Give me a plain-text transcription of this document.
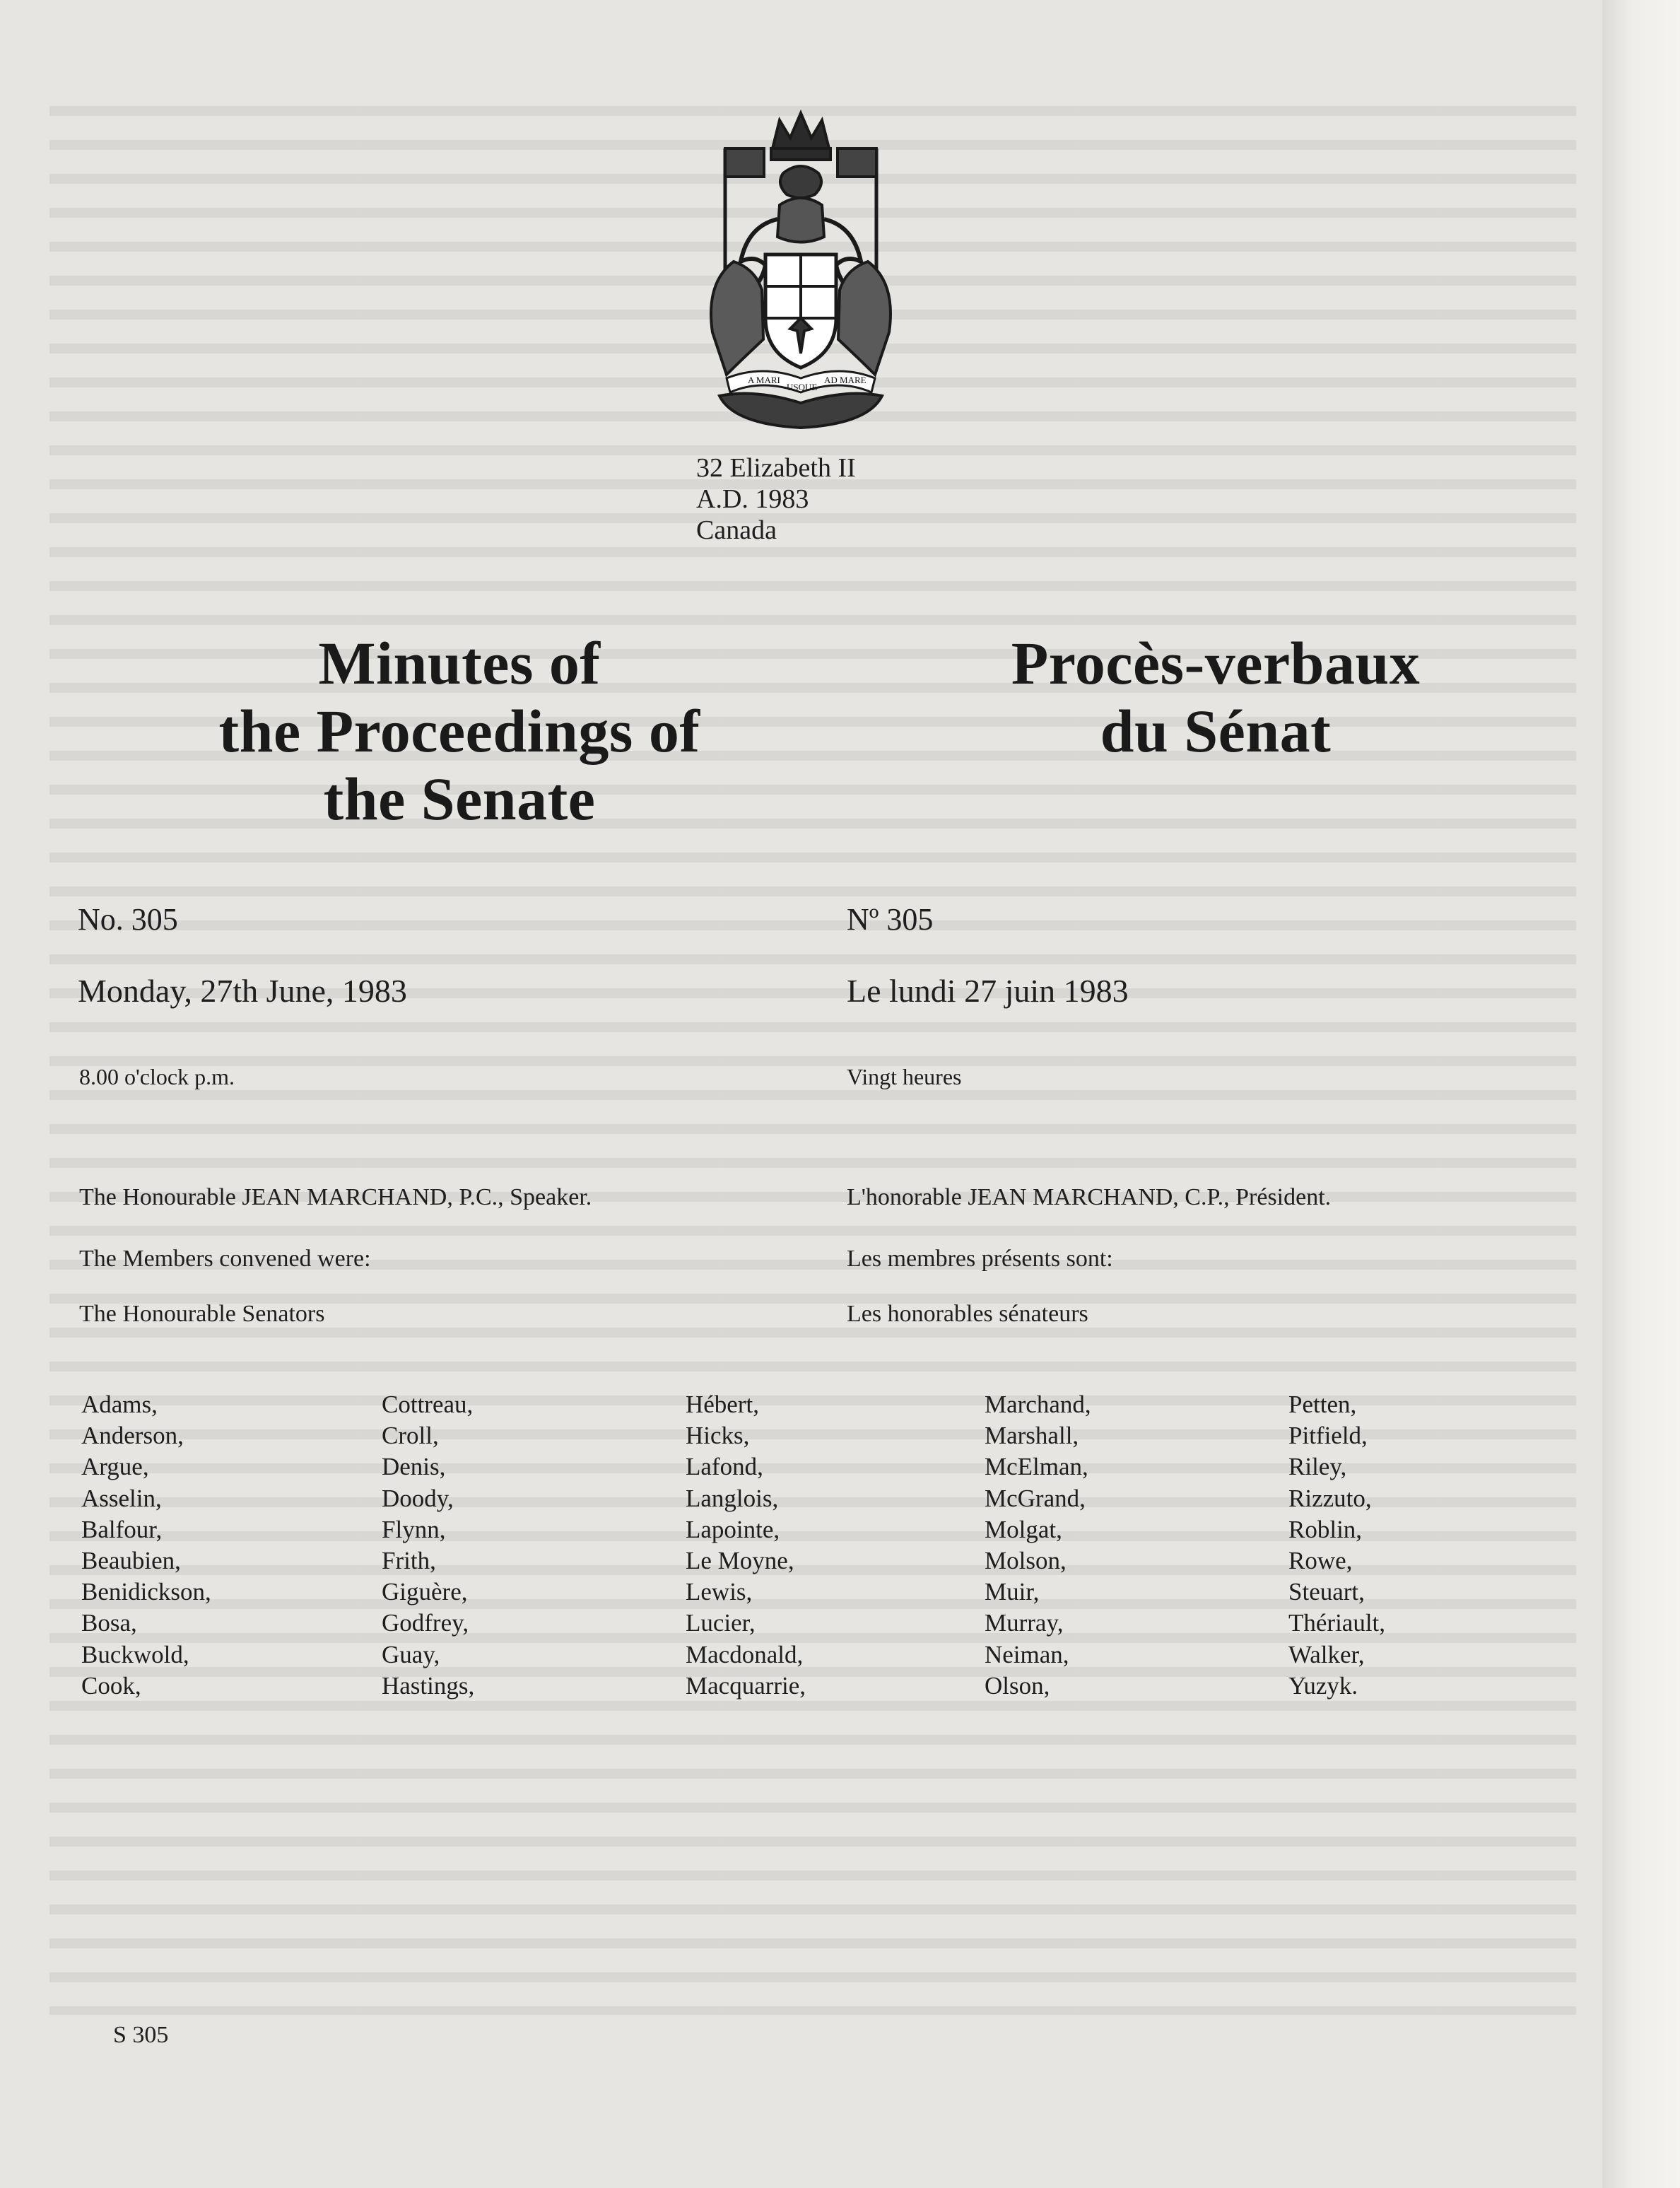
A MARI
USQUE
AD MARE
32 Elizabeth II
A.D. 1983
Canada
Minutes of
the Proceedings of
the Senate
Procès-verbaux
du Sénat
No. 305
Monday, 27th June, 1983
8.00 o'clock p.m.
The Honourable JEAN MARCHAND, P.C., Speaker.
The Members convened were:
The Honourable Senators
Nº 305
Le lundi 27 juin 1983
Vingt heures
L'honorable JEAN MARCHAND, C.P., Président.
Les membres présents sont:
Les honorables sénateurs
Adams,
Anderson,
Argue,
Asselin,
Balfour,
Beaubien,
Benidickson,
Bosa,
Buckwold,
Cook,
Cottreau,
Croll,
Denis,
Doody,
Flynn,
Frith,
Giguère,
Godfrey,
Guay,
Hastings,
Hébert,
Hicks,
Lafond,
Langlois,
Lapointe,
Le Moyne,
Lewis,
Lucier,
Macdonald,
Macquarrie,
Marchand,
Marshall,
McElman,
McGrand,
Molgat,
Molson,
Muir,
Murray,
Neiman,
Olson,
Petten,
Pitfield,
Riley,
Rizzuto,
Roblin,
Rowe,
Steuart,
Thériault,
Walker,
Yuzyk.
S 305
